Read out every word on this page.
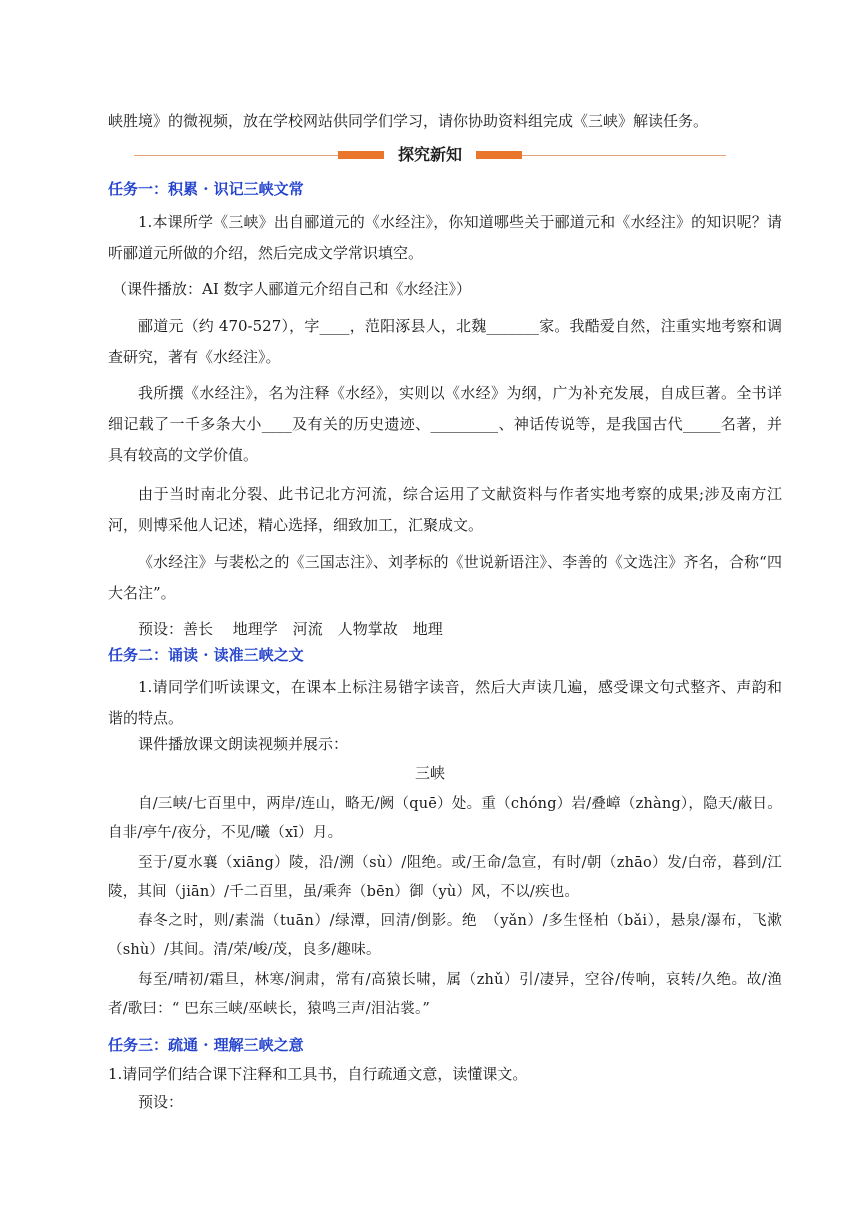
峡胜境》的微视频，放在学校网站供同学们学习，请你协助资料组完成《三峡》解读任务。

探究新知

任务一：积累 · 识记三峡文常

1.本课所学《三峡》出自郦道元的《水经注》，你知道哪些关于郦道元和《水经注》的知识呢？请听郦道元所做的介绍，然后完成文学常识填空。

（课件播放：AI 数字人郦道元介绍自己和《水经注》）

郦道元（约 470-527），字____，范阳涿县人，北魏_______家。我酷爱自然，注重实地考察和调查研究，著有《水经注》。

我所撰《水经注》，名为注释《水经》，实则以《水经》为纲，广为补充发展，自成巨著。全书详细记载了一千多条大小____及有关的历史遗迹、_________、神话传说等，是我国古代_____名著，并具有较高的文学价值。

由于当时南北分裂、此书记北方河流，综合运用了文献资料与作者实地考察的成果;涉及南方江河，则博采他人记述，精心选择，细致加工，汇聚成文。

《水经注》与裴松之的《三国志注》、刘孝标的《世说新语注》、李善的《文选注》齐名，合称“四大名注”。

预设：善长　 地理学　河流　人物掌故　地理

任务二：诵读 · 读准三峡之文

1.请同学们听读课文，在课本上标注易错字读音，然后大声读几遍，感受课文句式整齐、声韵和谐的特点。

课件播放课文朗读视频并展示：

三峡

自/三峡/七百里中，两岸/连山，略无/阙（quē）处。重（chóng）岩/叠嶂（zhàng），隐天/蔽日。自非/亭午/夜分，不见/曦（xī）月。

至于/夏水襄（xiāng）陵，沿/溯（sù）/阻绝。或/王命/急宣，有时/朝（zhāo）发/白帝，暮到/江陵，其间（jiān）/千二百里，虽/乘奔（bēn）御（yù）风，不以/疾也。

春冬之时，则/素湍（tuān）/绿潭，回清/倒影。绝　（yǎn）/多生怪柏（bǎi），悬泉/瀑布，飞漱（shù）/其间。清/荣/峻/茂，良多/趣味。

每至/晴初/霜旦，林寒/涧肃，常有/高猿长啸，属（zhǔ）引/凄异，空谷/传响，哀转/久绝。故/渔者/歌曰：“ 巴东三峡/巫峡长，猿鸣三声/泪沾裳。”

任务三：疏通 · 理解三峡之意

1.请同学们结合课下注释和工具书，自行疏通文意，读懂课文。

预设：
